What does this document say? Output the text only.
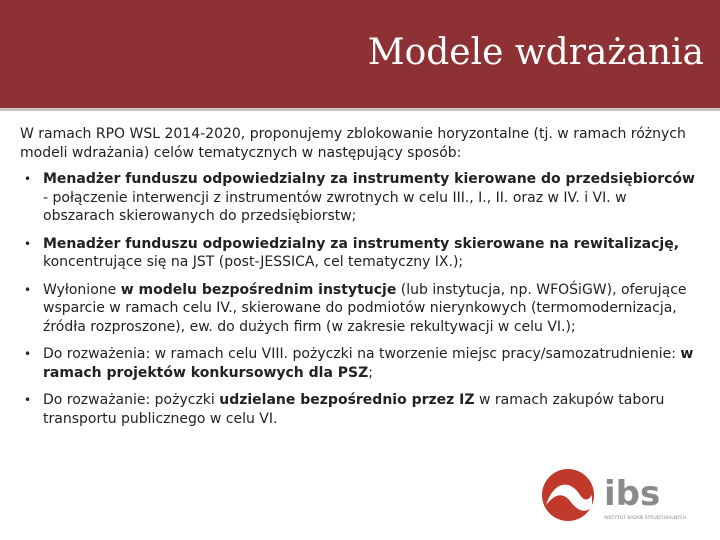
Modele wdrażania

W ramach RPO WSL 2014-2020, proponujemy zblokowanie horyzontalne (tj. w ramach różnych modeli wdrażania) celów tematycznych w następujący sposób:

• Menadżer funduszu odpowiedzialny za instrumenty kierowane do przedsiębiorców - połączenie interwencji z instrumentów zwrotnych w celu III., I., II. oraz w IV. i VI. w obszarach skierowanych do przedsiębiorstw;
• Menadżer funduszu odpowiedzialny za instrumenty skierowane na rewitalizację, koncentrujące się na JST (post-JESSICA, cel tematyczny IX.);
• Wyłonione w modelu bezpośrednim instytucje (lub instytucja, np. WFOŚiGW), oferujące wsparcie w ramach celu IV., skierowane do podmiotów nierynkowych (termomodernizacja, źródła rozproszone), ew. do dużych firm (w zakresie rekultywacji w celu VI.);
• Do rozważenia: w ramach celu VIII. pożyczki na tworzenie miejsc pracy/samozatrudnienie: w ramach projektów konkursowych dla PSZ;
• Do rozważanie: pożyczki udzielane bezpośrednio przez IZ w ramach zakupów taboru transportu publicznego w celu VI.
ibs
INSTYTUT BADAŃ STRUKTURALNYCH
